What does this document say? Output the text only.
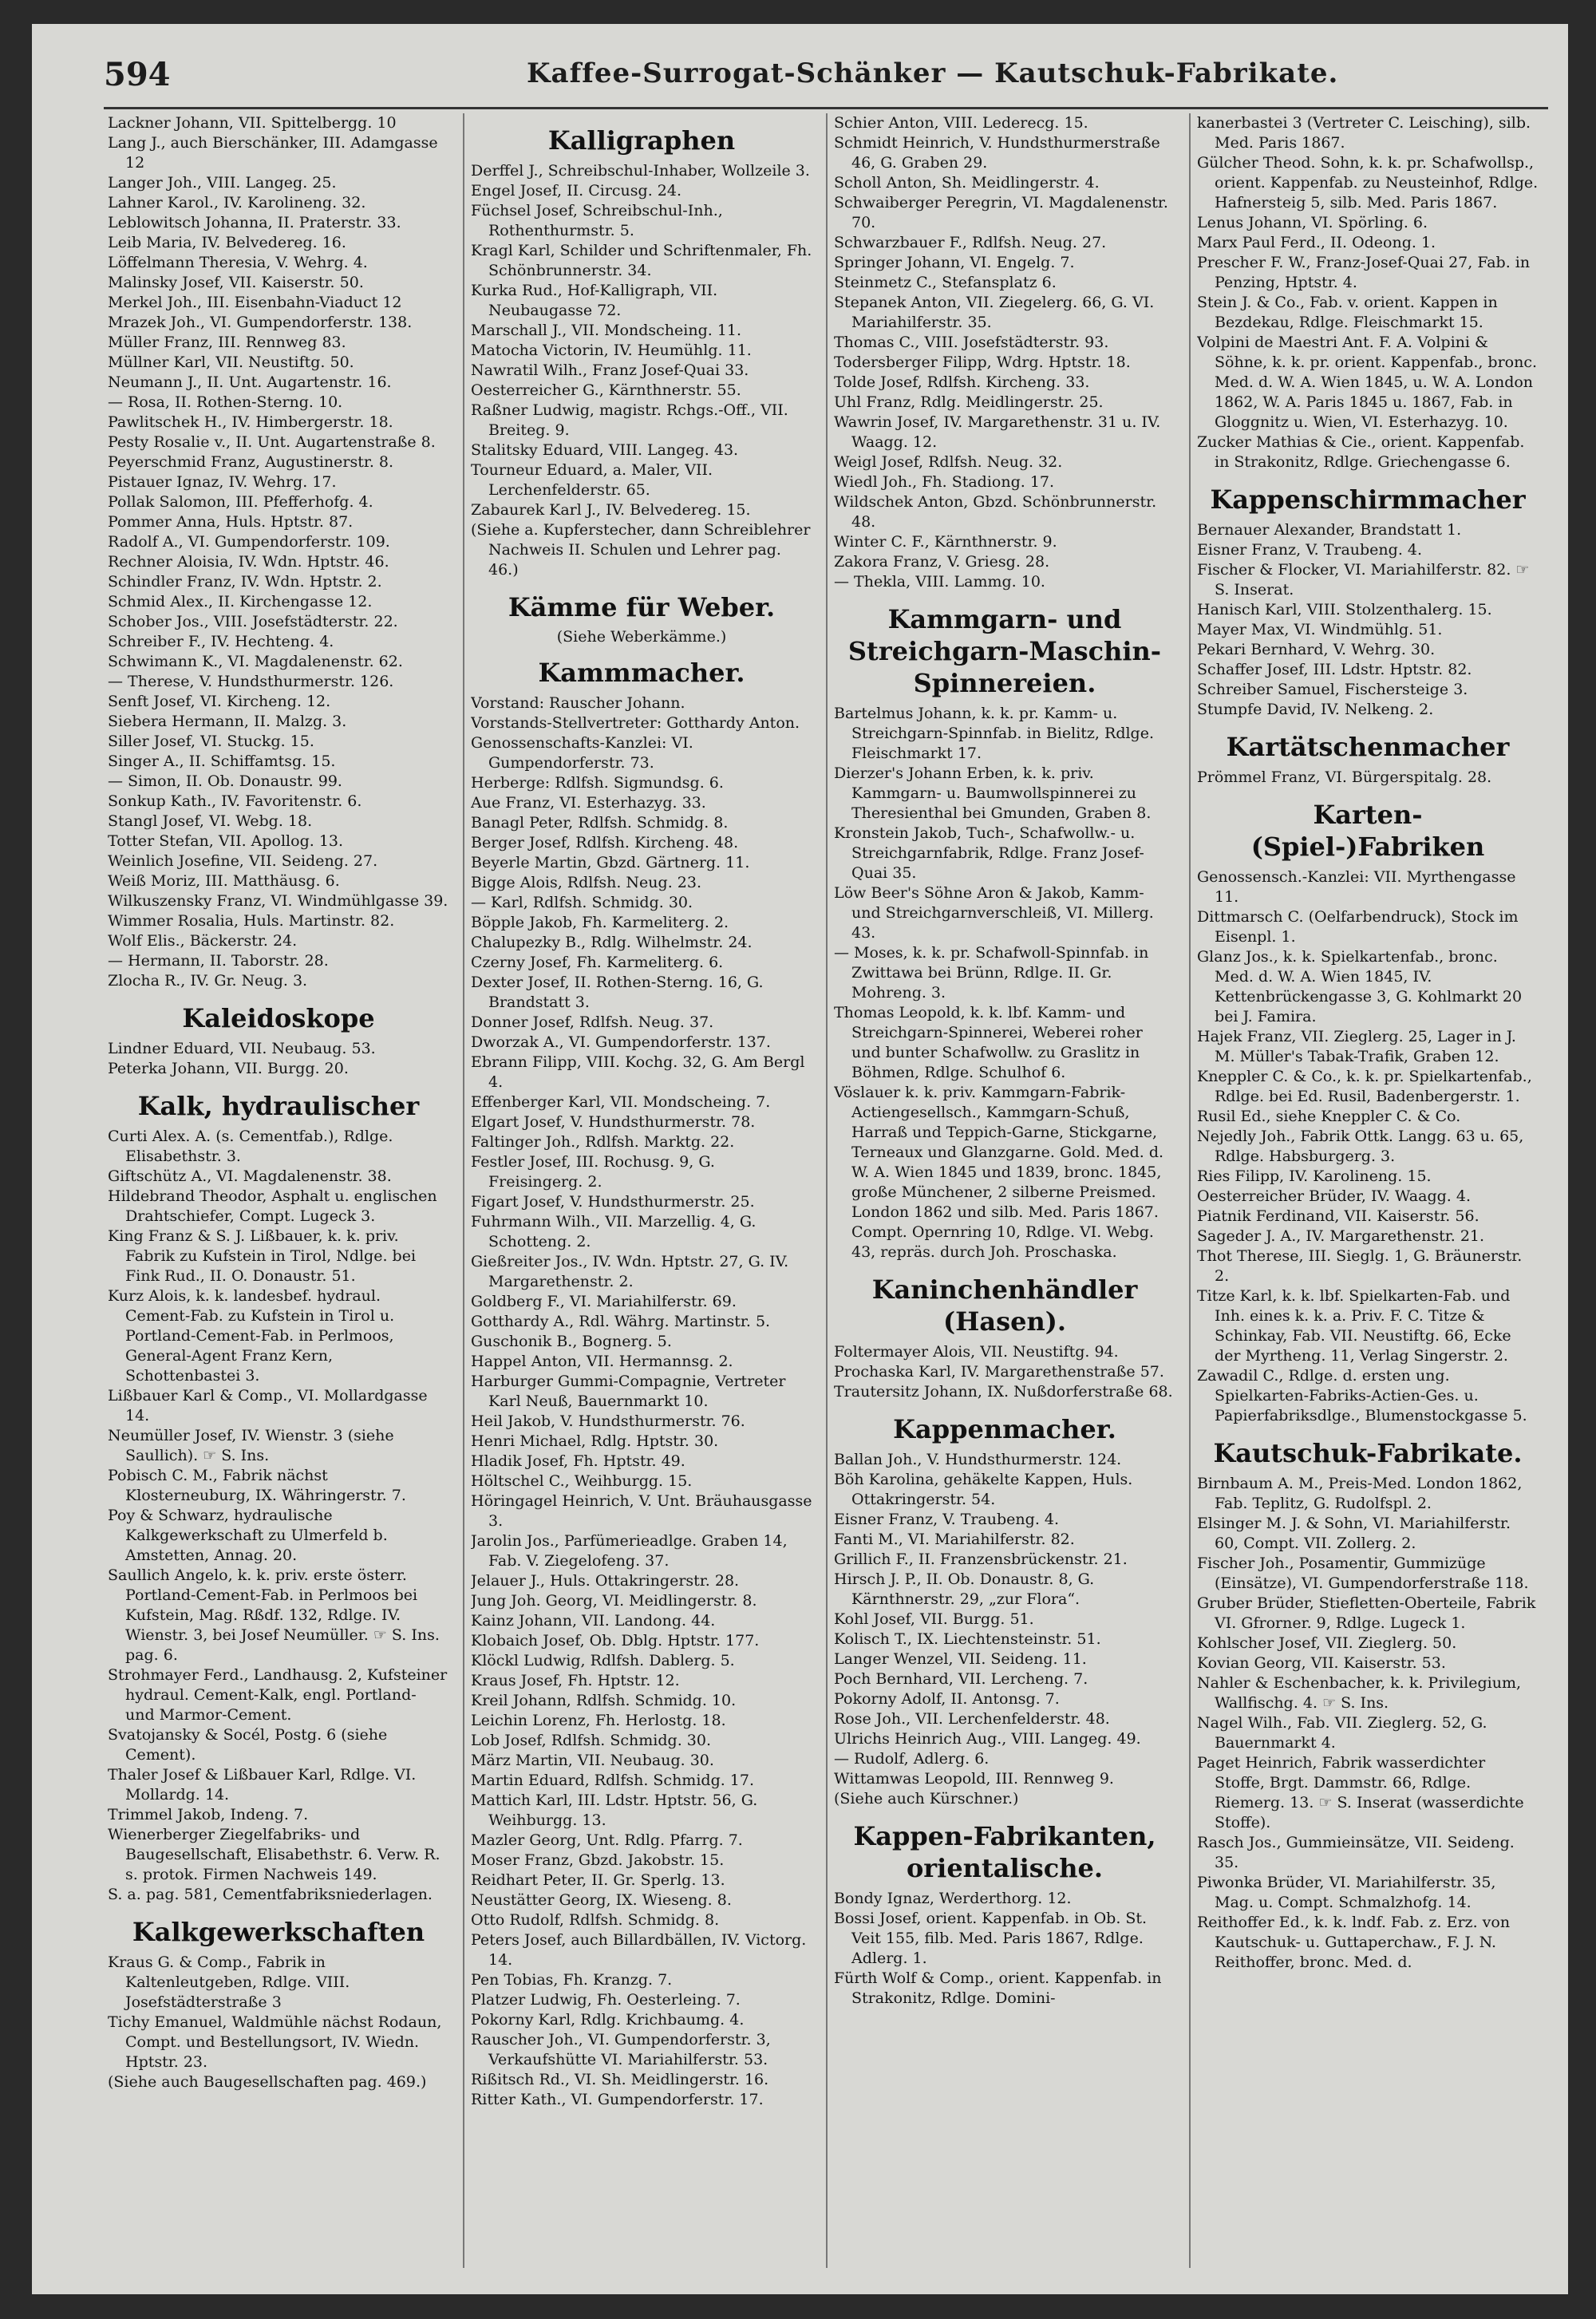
594	Kaffee-Surrogat-Schänker — Kautschuk-Fabrikate.

Lackner Johann, VII. Spittelbergg. 10

Lang J., auch Bierschänker, III. Adamgasse 12

Langer Joh., VIII. Langeg. 25.

Lahner Karol., IV. Karolineng. 32.

Leblowitsch Johanna, II. Praterstr. 33.

Leib Maria, IV. Belvedereg. 16.

Löffelmann Theresia, V. Wehrg. 4.

Malinsky Josef, VII. Kaiserstr. 50.

Merkel Joh., III. Eisenbahn-Viaduct 12

Mrazek Joh., VI. Gumpendorferstr. 138.

Müller Franz, III. Rennweg 83.

Müllner Karl, VII. Neustiftg. 50.

Neumann J., II. Unt. Augartenstr. 16.

— Rosa, II. Rothen-Sterng. 10.

Pawlitschek H., IV. Himbergerstr. 18.

Pesty Rosalie v., II. Unt. Augartenstraße 8.

Peyerschmid Franz, Augustinerstr. 8.

Pistauer Ignaz, IV. Wehrg. 17.

Pollak Salomon, III. Pfefferhofg. 4.

Pommer Anna, Huls. Hptstr. 87.

Radolf A., VI. Gumpendorferstr. 109.

Rechner Aloisia, IV. Wdn. Hptstr. 46.

Schindler Franz, IV. Wdn. Hptstr. 2.

Schmid Alex., II. Kirchengasse 12.

Schober Jos., VIII. Josefstädterstr. 22.

Schreiber F., IV. Hechteng. 4.

Schwimann K., VI. Magdalenenstr. 62.

— Therese, V. Hundsthurmerstr. 126.

Senft Josef, VI. Kircheng. 12.

Siebera Hermann, II. Malzg. 3.

Siller Josef, VI. Stuckg. 15.

Singer A., II. Schiffamtsg. 15.

— Simon, II. Ob. Donaustr. 99.

Sonkup Kath., IV. Favoritenstr. 6.

Stangl Josef, VI. Webg. 18.

Totter Stefan, VII. Apollog. 13.

Weinlich Josefine, VII. Seideng. 27.

Weiß Moriz, III. Matthäusg. 6.

Wilkuszensky Franz, VI. Windmühlgasse 39.

Wimmer Rosalia, Huls. Martinstr. 82.

Wolf Elis., Bäckerstr. 24.

— Hermann, II. Taborstr. 28.

Zlocha R., IV. Gr. Neug. 3.

Kaleidoskope

Lindner Eduard, VII. Neubaug. 53.

Peterka Johann, VII. Burgg. 20.

Kalk, hydraulischer

Curti Alex. A. (s. Cementfab.), Rdlge. Elisabethstr. 3.

Giftschütz A., VI. Magdalenenstr. 38.

Hildebrand Theodor, Asphalt u. englischen Drahtschiefer, Compt. Lugeck 3.

King Franz & S. J. Lißbauer, k. k. priv. Fabrik zu Kufstein in Tirol, Ndlge. bei Fink Rud., II. O. Donaustr. 51.

Kurz Alois, k. k. landesbef. hydraul. Cement-Fab. zu Kufstein in Tirol u. Portland-Cement-Fab. in Perlmoos, General-Agent Franz Kern, Schottenbastei 3.

Lißbauer Karl & Comp., VI. Mollardgasse 14.

Neumüller Josef, IV. Wienstr. 3 (siehe Saullich). ☞ S. Ins.

Pobisch C. M., Fabrik nächst Klosterneuburg, IX. Währingerstr. 7.

Poy & Schwarz, hydraulische Kalkgewerkschaft zu Ulmerfeld b. Amstetten, Annag. 20.

Saullich Angelo, k. k. priv. erste österr. Portland-Cement-Fab. in Perlmoos bei Kufstein, Mag. Rßdf. 132, Rdlge. IV. Wienstr. 3, bei Josef Neumüller. ☞ S. Ins. pag. 6.

Strohmayer Ferd., Landhausg. 2, Kufsteiner hydraul. Cement-Kalk, engl. Portland- und Marmor-Cement.

Svatojansky & Socél, Postg. 6 (siehe Cement).

Thaler Josef & Lißbauer Karl, Rdlge. VI. Mollardg. 14.

Trimmel Jakob, Indeng. 7.

Wienerberger Ziegelfabriks- und Baugesellschaft, Elisabethstr. 6. Verw. R. s. protok. Firmen Nachweis 149.

S. a. pag. 581, Cementfabriksniederlagen.

Kalkgewerkschaften

Kraus G. & Comp., Fabrik in Kaltenleutgeben, Rdlge. VIII. Josefstädterstraße 3

Tichy Emanuel, Waldmühle nächst Rodaun, Compt. und Bestellungsort, IV. Wiedn. Hptstr. 23.

(Siehe auch Baugesellschaften pag. 469.)

Kalligraphen

Derffel J., Schreibschul-Inhaber, Wollzeile 3.

Engel Josef, II. Circusg. 24.

Füchsel Josef, Schreibschul-Inh., Rothenthurmstr. 5.

Kragl Karl, Schilder und Schriftenmaler, Fh. Schönbrunnerstr. 34.

Kurka Rud., Hof-Kalligraph, VII. Neubaugasse 72.

Marschall J., VII. Mondscheing. 11.

Matocha Victorin, IV. Heumühlg. 11.

Nawratil Wilh., Franz Josef-Quai 33.

Oesterreicher G., Kärnthnerstr. 55.

Raßner Ludwig, magistr. Rchgs.-Off., VII. Breiteg. 9.

Stalitsky Eduard, VIII. Langeg. 43.

Tourneur Eduard, a. Maler, VII. Lerchenfelderstr. 65.

Zabaurek Karl J., IV. Belvedereg. 15.

(Siehe a. Kupferstecher, dann Schreiblehrer Nachweis II. Schulen und Lehrer pag. 46.)

Kämme für Weber.
(Siehe Weberkämme.)
Kammmacher.

Vorstand: Rauscher Johann.

Vorstands-Stellvertreter: Gotthardy Anton.

Genossenschafts-Kanzlei: VI. Gumpendorferstr. 73.

Herberge: Rdlfsh. Sigmundsg. 6.

Aue Franz, VI. Esterhazyg. 33.

Banagl Peter, Rdlfsh. Schmidg. 8.

Berger Josef, Rdlfsh. Kircheng. 48.

Beyerle Martin, Gbzd. Gärtnerg. 11.

Bigge Alois, Rdlfsh. Neug. 23.

— Karl, Rdlfsh. Schmidg. 30.

Böpple Jakob, Fh. Karmeliterg. 2.

Chalupezky B., Rdlg. Wilhelmstr. 24.

Czerny Josef, Fh. Karmeliterg. 6.

Dexter Josef, II. Rothen-Sterng. 16, G. Brandstatt 3.

Donner Josef, Rdlfsh. Neug. 37.

Dworzak A., VI. Gumpendorferstr. 137.

Ebrann Filipp, VIII. Kochg. 32, G. Am Bergl 4.

Effenberger Karl, VII. Mondscheing. 7.

Elgart Josef, V. Hundsthurmerstr. 78.

Faltinger Joh., Rdlfsh. Marktg. 22.

Festler Josef, III. Rochusg. 9, G. Freisingerg. 2.

Figart Josef, V. Hundsthurmerstr. 25.

Fuhrmann Wilh., VII. Marzellig. 4, G. Schotteng. 2.

Gießreiter Jos., IV. Wdn. Hptstr. 27, G. IV. Margarethenstr. 2.

Goldberg F., VI. Mariahilferstr. 69.

Gotthardy A., Rdl. Währg. Martinstr. 5.

Guschonik B., Bognerg. 5.

Happel Anton, VII. Hermannsg. 2.

Harburger Gummi-Compagnie, Vertreter Karl Neuß, Bauernmarkt 10.

Heil Jakob, V. Hundsthurmerstr. 76.

Henri Michael, Rdlg. Hptstr. 30.

Hladik Josef, Fh. Hptstr. 49.

Höltschel C., Weihburgg. 15.

Höringagel Heinrich, V. Unt. Bräuhausgasse 3.

Jarolin Jos., Parfümerieadlge. Graben 14, Fab. V. Ziegelofeng. 37.

Jelauer J., Huls. Ottakringerstr. 28.

Jung Joh. Georg, VI. Meidlingerstr. 8.

Kainz Johann, VII. Landong. 44.

Klobaich Josef, Ob. Dblg. Hptstr. 177.

Klöckl Ludwig, Rdlfsh. Dablerg. 5.

Kraus Josef, Fh. Hptstr. 12.

Kreil Johann, Rdlfsh. Schmidg. 10.

Leichin Lorenz, Fh. Herlostg. 18.

Lob Josef, Rdlfsh. Schmidg. 30.

März Martin, VII. Neubaug. 30.

Martin Eduard, Rdlfsh. Schmidg. 17.

Mattich Karl, III. Ldstr. Hptstr. 56, G. Weihburgg. 13.

Mazler Georg, Unt. Rdlg. Pfarrg. 7.

Moser Franz, Gbzd. Jakobstr. 15.

Reidhart Peter, II. Gr. Sperlg. 13.

Neustätter Georg, IX. Wieseng. 8.

Otto Rudolf, Rdlfsh. Schmidg. 8.

Peters Josef, auch Billardbällen, IV. Victorg. 14.

Pen Tobias, Fh. Kranzg. 7.

Platzer Ludwig, Fh. Oesterleing. 7.

Pokorny Karl, Rdlg. Krichbaumg. 4.

Rauscher Joh., VI. Gumpendorferstr. 3, Verkaufshütte VI. Mariahilferstr. 53.

Rißitsch Rd., VI. Sh. Meidlingerstr. 16.

Ritter Kath., VI. Gumpendorferstr. 17.

Schier Anton, VIII. Lederecg. 15.

Schmidt Heinrich, V. Hundsthurmerstraße 46, G. Graben 29.

Scholl Anton, Sh. Meidlingerstr. 4.

Schwaiberger Peregrin, VI. Magdalenenstr. 70.

Schwarzbauer F., Rdlfsh. Neug. 27.

Springer Johann, VI. Engelg. 7.

Steinmetz C., Stefansplatz 6.

Stepanek Anton, VII. Ziegelerg. 66, G. VI. Mariahilferstr. 35.

Thomas C., VIII. Josefstädterstr. 93.

Todersberger Filipp, Wdrg. Hptstr. 18.

Tolde Josef, Rdlfsh. Kircheng. 33.

Uhl Franz, Rdlg. Meidlingerstr. 25.

Wawrin Josef, IV. Margarethenstr. 31 u. IV. Waagg. 12.

Weigl Josef, Rdlfsh. Neug. 32.

Wiedl Joh., Fh. Stadiong. 17.

Wildschek Anton, Gbzd. Schönbrunnerstr. 48.

Winter C. F., Kärnthnerstr. 9.

Zakora Franz, V. Griesg. 28.

— Theklа, VIII. Lammg. 10.

Kammgarn- und Streichgarn-Maschin-Spinnereien.

Bartelmus Johann, k. k. pr. Kamm- u. Streichgarn-Spinnfab. in Bielitz, Rdlge. Fleischmarkt 17.

Dierzer's Johann Erben, k. k. priv. Kammgarn- u. Baumwollspinnerei zu Theresienthal bei Gmunden, Graben 8.

Kronstein Jakob, Tuch-, Schafwollw.- u. Streichgarnfabrik, Rdlge. Franz Josef-Quai 35.

Löw Beer's Söhne Aron & Jakob, Kamm- und Streichgarnverschleiß, VI. Millerg. 43.

— Moses, k. k. pr. Schafwoll-Spinnfab. in Zwittawa bei Brünn, Rdlge. II. Gr. Mohreng. 3.

Thomas Leopold, k. k. lbf. Kamm- und Streichgarn-Spinnerei, Weberei roher und bunter Schafwollw. zu Graslitz in Böhmen, Rdlge. Schulhof 6.

Vöslauer k. k. priv. Kammgarn-Fabrik-Actiengesellsch., Kammgarn-Schuß, Harraß und Teppich-Garne, Stickgarne, Terneaux und Glanzgarne. Gold. Med. d. W. A. Wien 1845 und 1839, bronc. 1845, große Münchener, 2 silberne Preismed. London 1862 und silb. Med. Paris 1867. Compt. Opernring 10, Rdlge. VI. Webg. 43, repräs. durch Joh. Proschaska.

Kaninchenhändler (Hasen).

Foltermayer Alois, VII. Neustiftg. 94.

Prochaska Karl, IV. Margarethenstraße 57.

Trautersitz Johann, IX. Nußdorferstraße 68.

Kappenmacher.

Ballan Joh., V. Hundsthurmerstr. 124.

Böh Karolina, gehäkelte Kappen, Huls. Ottakringerstr. 54.

Eisner Franz, V. Traubeng. 4.

Fanti M., VI. Mariahilferstr. 82.

Grillich F., II. Franzensbrückenstr. 21.

Hirsch J. P., II. Ob. Donaustr. 8, G. Kärnthnerstr. 29, „zur Flora“.

Kohl Josef, VII. Burgg. 51.

Kolisch T., IX. Liechtensteinstr. 51.

Langer Wenzel, VII. Seideng. 11.

Poch Bernhard, VII. Lercheng. 7.

Pokorny Adolf, II. Antonsg. 7.

Rose Joh., VII. Lerchenfelderstr. 48.

Ulrichs Heinrich Aug., VIII. Langeg. 49.

— Rudolf, Adlerg. 6.

Wittamwas Leopold, III. Rennweg 9.

(Siehe auch Kürschner.)

Kappen-Fabrikanten, orientalische.

Bondy Ignaz, Werderthorg. 12.

Bossi Josef, orient. Kappenfab. in Ob. St. Veit 155, filb. Med. Paris 1867, Rdlge. Adlerg. 1.

Fürth Wolf & Comp., orient. Kappenfab. in Strakonitz, Rdlge. Domini-

kanerbastei 3 (Vertreter C. Leisching), silb. Med. Paris 1867.

Gülcher Theod. Sohn, k. k. pr. Schafwollsp., orient. Kappenfab. zu Neusteinhof, Rdlge. Hafnersteig 5, silb. Med. Paris 1867.

Lenus Johann, VI. Spörling. 6.

Marx Paul Ferd., II. Odeong. 1.

Prescher F. W., Franz-Josef-Quai 27, Fab. in Penzing, Hptstr. 4.

Stein J. & Co., Fab. v. orient. Kappen in Bezdekau, Rdlge. Fleischmarkt 15.

Volpini de Maestri Ant. F. A. Volpini & Söhne, k. k. pr. orient. Kappenfab., bronc. Med. d. W. A. Wien 1845, u. W. A. London 1862, W. A. Paris 1845 u. 1867, Fab. in Gloggnitz u. Wien, VI. Esterhazyg. 10.

Zucker Mathias & Cie., orient. Kappenfab. in Strakonitz, Rdlge. Griechengasse 6.

Kappenschirmmacher

Bernauer Alexander, Brandstatt 1.

Eisner Franz, V. Traubeng. 4.

Fischer & Flocker, VI. Mariahilferstr. 82. ☞ S. Inserat.

Hanisch Karl, VIII. Stolzenthalerg. 15.

Mayer Max, VI. Windmühlg. 51.

Pekari Bernhard, V. Wehrg. 30.

Schaffer Josef, III. Ldstr. Hptstr. 82.

Schreiber Samuel, Fischersteige 3.

Stumpfe David, IV. Nelkeng. 2.

Kartätschenmacher

Prömmel Franz, VI. Bürgerspitalg. 28.

Karten-(Spiel-)Fabriken

Genossensch.-Kanzlei: VII. Myrthengasse 11.

Dittmarsch C. (Oelfarbendruck), Stock im Eisenpl. 1.

Glanz Jos., k. k. Spielkartenfab., bronc. Med. d. W. A. Wien 1845, IV. Kettenbrückengasse 3, G. Kohlmarkt 20 bei J. Famira.

Hajek Franz, VII. Zieglerg. 25, Lager in J. M. Müller's Tabak-Trafik, Graben 12.

Kneppler C. & Co., k. k. pr. Spielkartenfab., Rdlge. bei Ed. Rusil, Badenbergerstr. 1.

Rusil Ed., siehe Kneppler C. & Co.

Nejedly Joh., Fabrik Ottk. Langg. 63 u. 65, Rdlge. Habsburgerg. 3.

Ries Filipp, IV. Karolineng. 15.

Oesterreicher Brüder, IV. Waagg. 4.

Piatnik Ferdinand, VII. Kaiserstr. 56.

Sageder J. A., IV. Margarethenstr. 21.

Thot Therese, III. Sieglg. 1, G. Bräunerstr. 2.

Titze Karl, k. k. lbf. Spielkarten-Fab. und Inh. eines k. k. a. Priv. F. C. Titze & Schinkay, Fab. VII. Neustiftg. 66, Ecke der Myrtheng. 11, Verlag Singerstr. 2.

Zawadil C., Rdlge. d. ersten ung. Spielkarten-Fabriks-Actien-Ges. u. Papierfabriksdlge., Blumenstockgasse 5.

Kautschuk-Fabrikate.

Birnbaum A. M., Preis-Med. London 1862, Fab. Teplitz, G. Rudolfspl. 2.

Elsinger M. J. & Sohn, VI. Mariahilferstr. 60, Compt. VII. Zollerg. 2.

Fischer Joh., Posamentir, Gummizüge (Einsätze), VI. Gumpendorferstraße 118.

Gruber Brüder, Stiefletten-Oberteile, Fabrik VI. Gfrorner. 9, Rdlge. Lugeck 1.

Kohlscher Josef, VII. Zieglerg. 50.

Kovian Georg, VII. Kaiserstr. 53.

Nahler & Eschenbacher, k. k. Privilegium, Wallfischg. 4. ☞ S. Ins.

Nagel Wilh., Fab. VII. Zieglerg. 52, G. Bauernmarkt 4.

Paget Heinrich, Fabrik wasserdichter Stoffe, Brgt. Dammstr. 66, Rdlge. Riemerg. 13. ☞ S. Inserat (wasserdichte Stoffe).

Rasch Jos., Gummieinsätze, VII. Seideng. 35.

Piwonka Brüder, VI. Mariahilferstr. 35, Mag. u. Compt. Schmalzhofg. 14.

Reithoffer Ed., k. k. lndf. Fab. z. Erz. von Kautschuk- u. Guttaperchaw., F. J. N. Reithoffer, bronc. Med. d.
